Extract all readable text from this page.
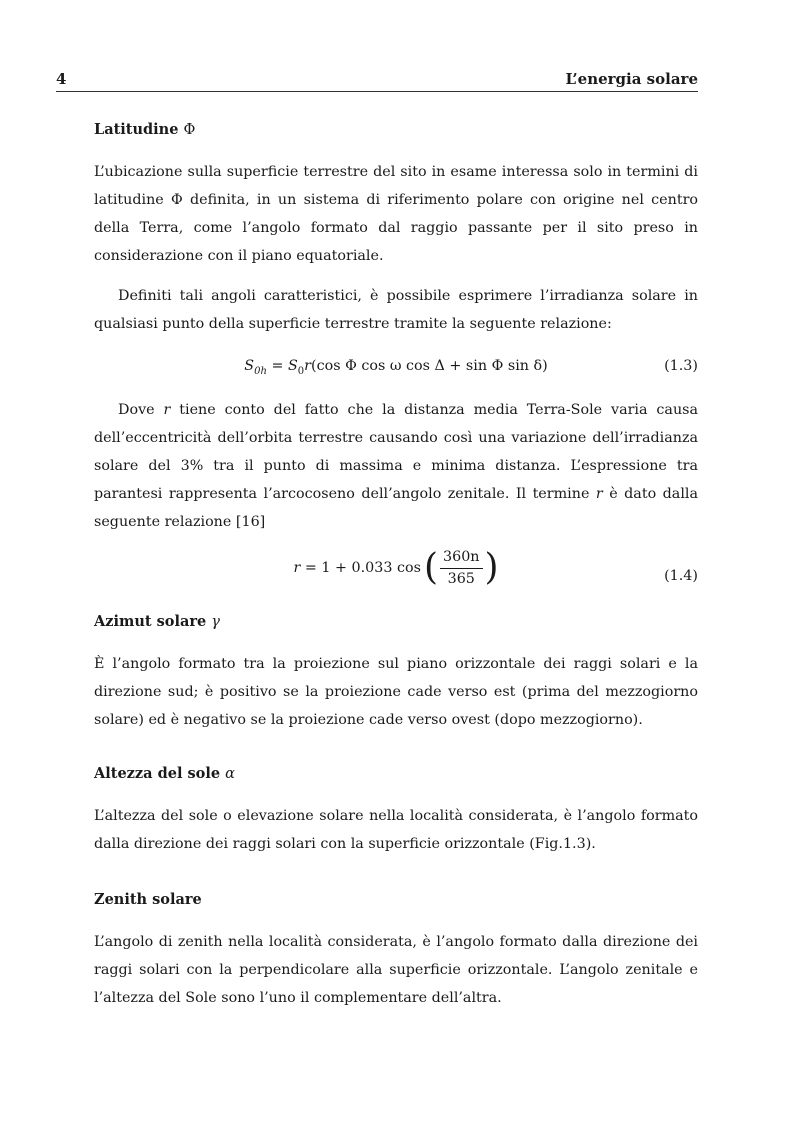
4	L’energia solare
Latitudine Φ

L’ubicazione sulla superficie terrestre del sito in esame interessa solo in termini di latitudine Φ definita, in un sistema di riferimento polare con origine nel centro della Terra, come l’angolo formato dal raggio passante per il sito preso in considerazione con il piano equatoriale.

Definiti tali angoli caratteristici, è possibile esprimere l’irradianza solare in qualsiasi punto della superficie terrestre tramite la seguente relazione:

$S_{0h} = S_0r(\cos$ Φ cos ω cos Δ + sin Φ sin δ)	(1.3)

Dove r tiene conto del fatto che la distanza media Terra-Sole varia causa dell’eccentricità dell’orbita terrestre causando così una variazione dell’irradianza solare del 3% tra il punto di massima e minima distanza. L’espressione tra parantesi rappresenta l’arcocoseno dell’angolo zenitale. Il termine r è dato dalla seguente relazione [16]

r = 1 + 0.033 cos ( $\frac{360n}{365}$ )	(1.4)
Azimut solare γ

È l’angolo formato tra la proiezione sul piano orizzontale dei raggi solari e la direzione sud; è positivo se la proiezione cade verso est (prima del mezzogiorno solare) ed è negativo se la proiezione cade verso ovest (dopo mezzogiorno).

Altezza del sole α

L’altezza del sole o elevazione solare nella località considerata, è l’angolo formato dalla direzione dei raggi solari con la superficie orizzontale (Fig.1.3).

Zenith solare

L’angolo di zenith nella località considerata, è l’angolo formato dalla direzione dei raggi solari con la perpendicolare alla superficie orizzontale. L’angolo zenitale e l’altezza del Sole sono l’uno il complementare dell’altra.
